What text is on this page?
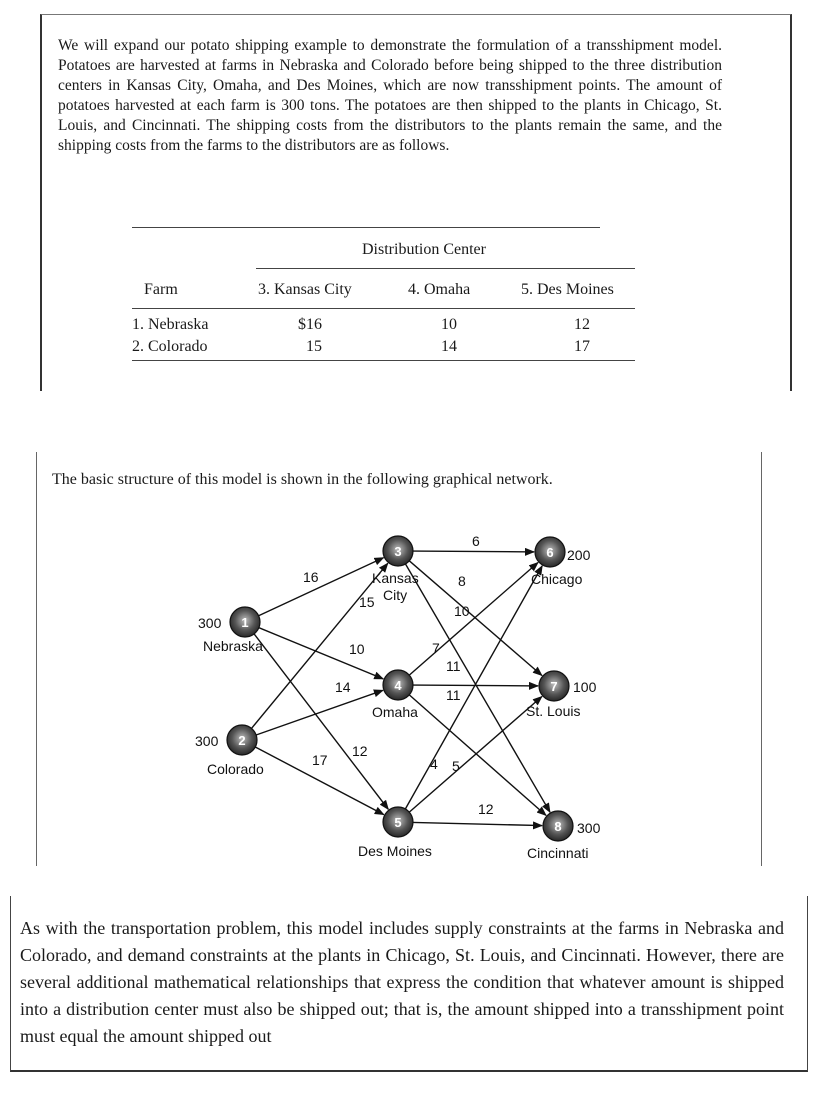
We will expand our potato shipping example to demonstrate the formulation of a transshipment model. Potatoes are harvested at farms in Nebraska and Colorado before being shipped to the three distribution centers in Kansas City, Omaha, and Des Moines, which are now transshipment points. The amount of potatoes harvested at each farm is 300 tons. The potatoes are then shipped to the plants in Chicago, St. Louis, and Cincinnati. The shipping costs from the distributors to the plants remain the same, and the shipping costs from the farms to the distributors are as follows.

Distribution Center
Farm	3. Kansas City	4. Omaha	5. Des Moines
1. Nebraska	$16	10	12
2. Colorado	15	14	17

The basic structure of this model is shown in the following graphical network.

1
2
3
4
5
6
7
8
16
10
12
15
14
17
6
8
10
7
11
11
4 5
12
300
Nebraska
300
Colorado
Kansas
City
Omaha
Des Moines
200
Chicago
100
St. Louis
300
Cincinnati

As with the transportation problem, this model includes supply constraints at the farms in Nebraska and Colorado, and demand constraints at the plants in Chicago, St. Louis, and Cincinnati. However, there are several additional mathematical relationships that express the condition that whatever amount is shipped into a distribution center must also be shipped out; that is, the amount shipped into a transshipment point must equal the amount shipped out
